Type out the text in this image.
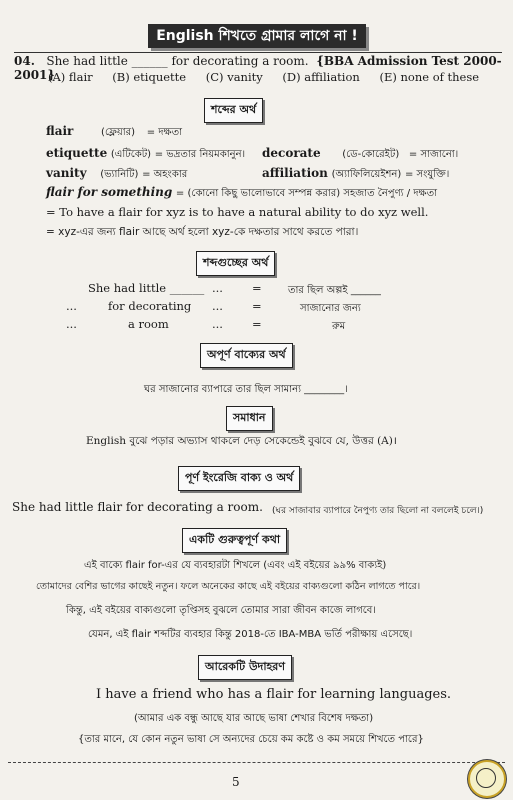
English শিখতে গ্রামার লাগে না !
04. She had little ______ for decorating a room. {BBA Admission Test 2000-2001}
(A) flair (B) etiquette (C) vanity (D) affiliation (E) none of these
শব্দের অর্থ
flair	(ফ্লেয়ার) = দক্ষতা
etiquette (এটিকেট) = ভদ্রতার নিয়মকানুন। decorate (ডে-কোরেইট) = সাজানো।
vanity (ভ্যানিটি) = অহংকার	affiliation (অ্যাফিলিয়েইশন) = সংযুক্তি।
flair for something = (কোনো কিছু ভালোভাবে সম্পন্ন করার) সহজাত নৈপুণ্য / দক্ষতা
= To have a flair for xyz is to have a natural ability to do xyz well.
= xyz-এর জন্য flair আছে অর্থ হলো xyz-কে দক্ষতার সাথে করতে পারা।
শব্দগুচ্ছের অর্থ
She had little ______ ...	=	তার ছিল অল্পই ______
...	for decorating ...	=	সাজানোর জন্য
...	a room	...	=	রুম
অপূর্ণ বাক্যের অর্থ
ঘর সাজানোর ব্যাপারে তার ছিল সামান্য ________।
সমাধান
English বুঝে পড়ার অভ্যাস থাকলে দেড় সেকেন্ডেই বুঝবে যে, উত্তর (A)।
পূর্ণ ইংরেজি বাক্য ও অর্থ
She had little flair for decorating a room. (ঘর সাজাবার ব্যাপারে নৈপুণ্য তার ছিলো না বললেই চলে।)
একটি গুরুত্বপূর্ণ কথা
এই বাক্যে flair for-এর যে ব্যবহারটা শিখলে (এবং এই বইয়ের ৯৯% বাক্যই)
তোমাদের বেশির ভাগের কাছেই নতুন। ফলে অনেকের কাছে এই বইয়ের বাক্যগুলো কঠিন লাগতে পারে।
কিন্তু, এই বইয়ের বাক্যগুলো তৃপ্তিসহ বুঝলে তোমার সারা জীবন কাজে লাগবে।
যেমন, এই flair শব্দটির ব্যবহার কিন্তু 2018-তে IBA-MBA ভর্তি পরীক্ষায় এসেছে।
আরেকটি উদাহরণ
I have a friend who has a flair for learning languages.
(আমার এক বন্ধু আছে যার আছে ভাষা শেখার বিশেষ দক্ষতা)
{তার মানে, যে কোন নতুন ভাষা সে অন্যদের চেয়ে কম কষ্টে ও কম সময়ে শিখতে পারে}
5
